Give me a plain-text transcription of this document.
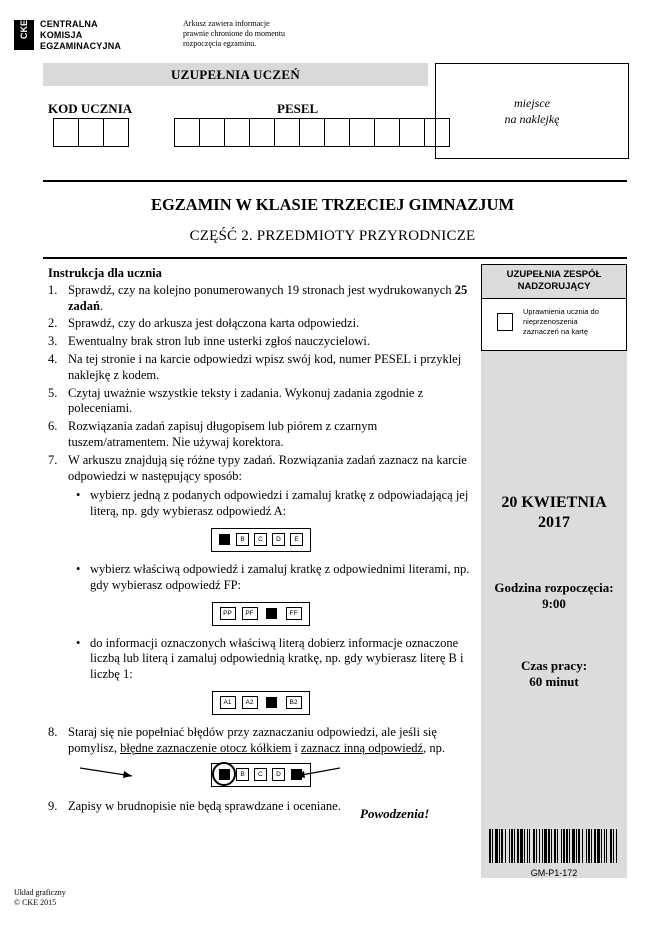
CKE	CENTRALNA
KOMISJA
EGZAMINACYJNA
Arkusz zawiera informacje
prawnie chronione do momentu
rozpoczęcia egzaminu.
UZUPEŁNIA UCZEŃ
KOD UCZNIA	PESEL	miejsce
na naklejkę
EGZAMIN W KLASIE TRZECIEJ GIMNAZJUM
CZĘŚĆ 2. PRZEDMIOTY PRZYRODNICZE
Instrukcja dla ucznia
1. Sprawdź, czy na kolejno ponumerowanych 19 stronach jest wydrukowanych 25 zadań.
2. Sprawdź, czy do arkusza jest dołączona karta odpowiedzi.
3. Ewentualny brak stron lub inne usterki zgłoś nauczycielowi.
4. Na tej stronie i na karcie odpowiedzi wpisz swój kod, numer PESEL i przyklej naklejkę z kodem.
5. Czytaj uważnie wszystkie teksty i zadania. Wykonuj zadania zgodnie z poleceniami.
6. Rozwiązania zadań zapisuj długopisem lub piórem z czarnym tuszem/atramentem. Nie używaj korektora.
7. W arkuszu znajdują się różne typy zadań. Rozwiązania zadań zaznacz na karcie odpowiedzi w następujący sposób:
• wybierz jedną z podanych odpowiedzi i zamaluj kratkę z odpowiadającą jej literą, np. gdy wybierasz odpowiedź A:
B	C	D	E
• wybierz właściwą odpowiedź i zamaluj kratkę z odpowiednimi literami, np. gdy wybierasz odpowiedź FP:
PP	PF	FF
• do informacji oznaczonych właściwą literą dobierz informacje oznaczone liczbą lub literą i zamaluj odpowiednią kratkę, np. gdy wybierasz literę B i liczbę 1:
A1	A2	B2
8. Staraj się nie popełniać błędów przy zaznaczaniu odpowiedzi, ale jeśli się pomylisz, błędne zaznaczenie otocz kółkiem i zaznacz inną odpowiedź, np.
B	C	D
9. Zapisy w brudnopisie nie będą sprawdzane i oceniane.
Powodzenia!
UZUPEŁNIA ZESPÓŁ NADZORUJĄCY
Uprawnienia ucznia do
nieprzenoszenia
zaznaczeń na kartę
20 KWIETNIA
2017
Godzina rozpoczęcia:
9:00
Czas pracy:
60 minut
GM-P1-172
Układ graficzny
© CKE 2015
